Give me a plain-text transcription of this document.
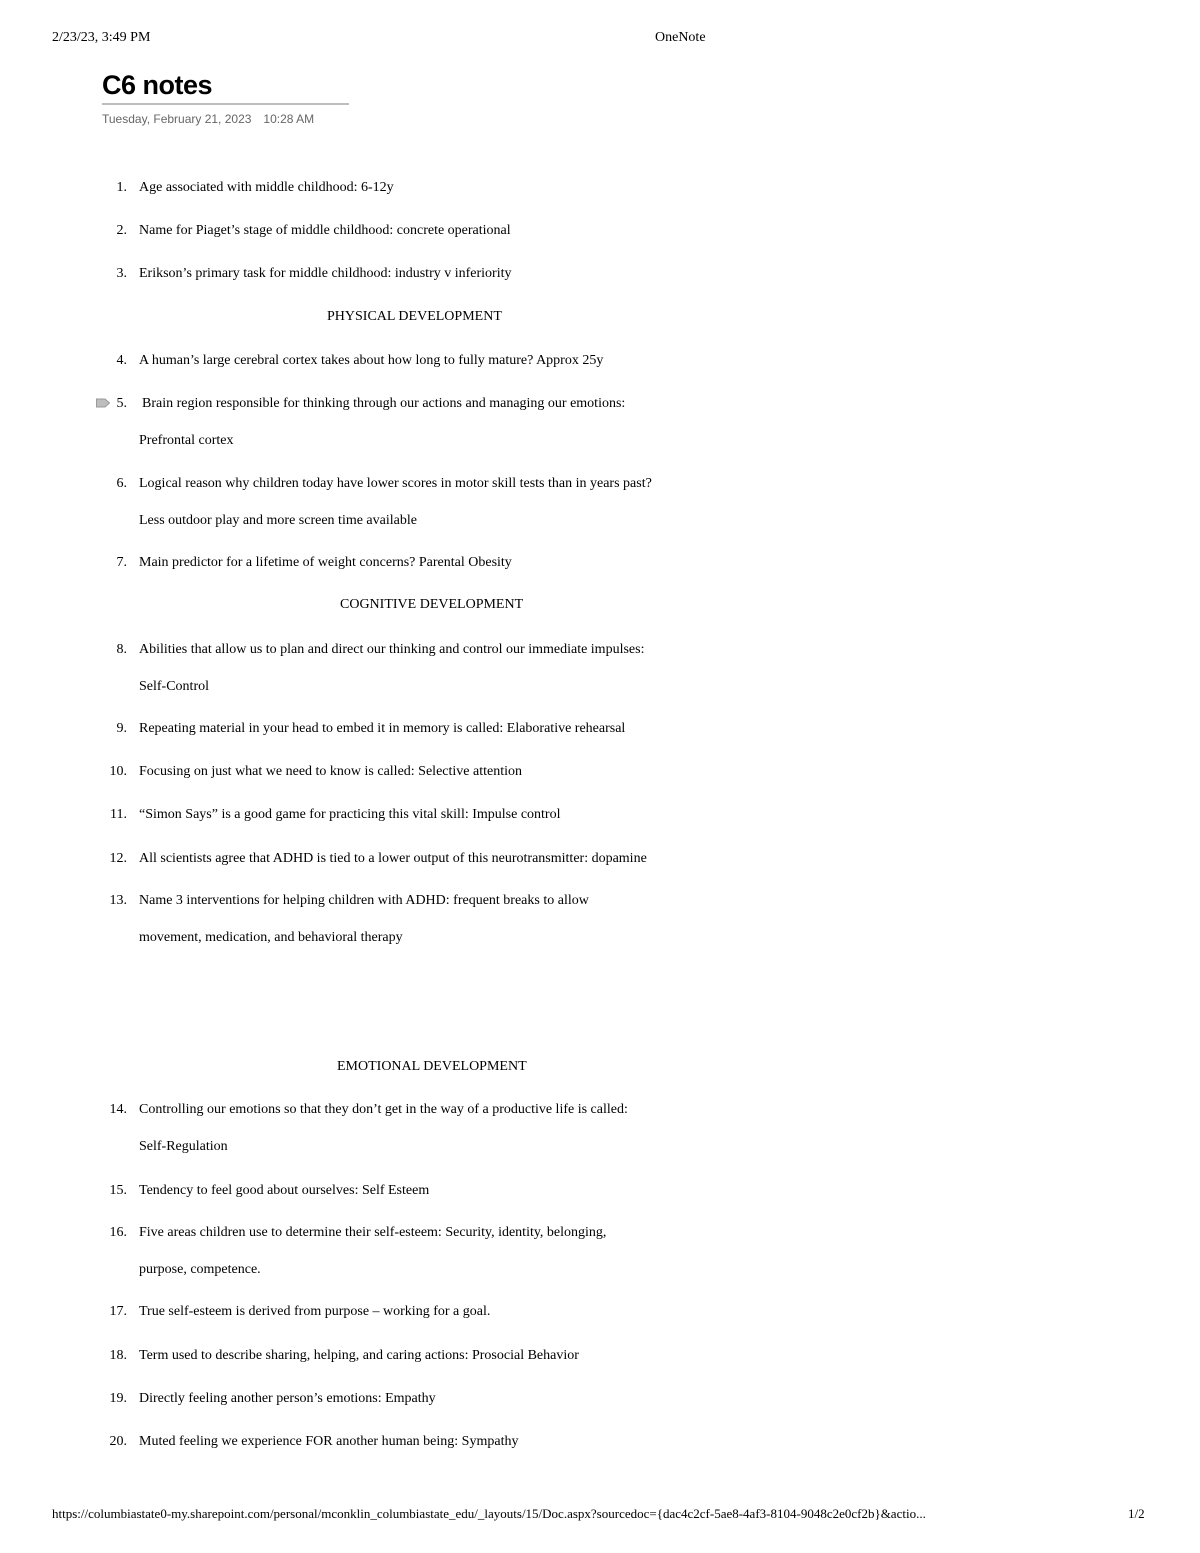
2/23/23, 3:49 PM	OneNote
C6 notes
Tuesday, February 21, 2023 10:28 AM
PHYSICAL DEVELOPMENT
COGNITIVE DEVELOPMENT
EMOTIONAL DEVELOPMENT
1. Age associated with middle childhood: 6-12y
2. Name for Piaget’s stage of middle childhood: concrete operational
3. Erikson’s primary task for middle childhood: industry v inferiority
4. A human’s large cerebral cortex takes about how long to fully mature? Approx 25y
5. Brain region responsible for thinking through our actions and managing our emotions:
Prefrontal cortex
6. Logical reason why children today have lower scores in motor skill tests than in years past?
Less outdoor play and more screen time available
7. Main predictor for a lifetime of weight concerns? Parental Obesity
8. Abilities that allow us to plan and direct our thinking and control our immediate impulses:
Self-Control
9. Repeating material in your head to embed it in memory is called: Elaborative rehearsal
10. Focusing on just what we need to know is called: Selective attention
11. “Simon Says” is a good game for practicing this vital skill: Impulse control
12. All scientists agree that ADHD is tied to a lower output of this neurotransmitter: dopamine
13. Name 3 interventions for helping children with ADHD: frequent breaks to allow
movement, medication, and behavioral therapy
14. Controlling our emotions so that they don’t get in the way of a productive life is called:
Self-Regulation
15. Tendency to feel good about ourselves: Self Esteem
16. Five areas children use to determine their self-esteem: Security, identity, belonging,
purpose, competence.
17. True self-esteem is derived from purpose – working for a goal.
18. Term used to describe sharing, helping, and caring actions: Prosocial Behavior
19. Directly feeling another person’s emotions: Empathy
20. Muted feeling we experience FOR another human being: Sympathy
https://columbiastate0-my.sharepoint.com/personal/mconklin_columbiastate_edu/_layouts/15/Doc.aspx?sourcedoc={dac4c2cf-5ae8-4af3-8104-9048c2e0cf2b}&actio...	1/2
